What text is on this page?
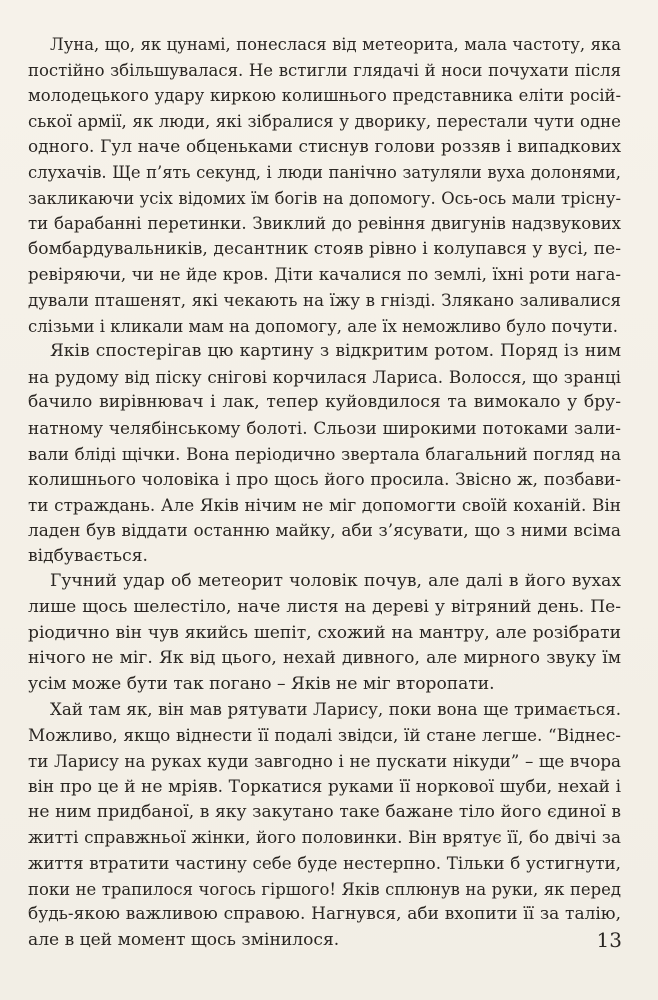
Луна, що, як цунамі, понеслася від метеорита, мала частоту, яка
постійно збільшувалася. Не встигли глядачі й носи почухати після
молодецького удару киркою колишнього представника еліти росій-
ської армії, як люди, які зібралися у дворику, перестали чути одне
одного. Гул наче обценьками стиснув голови роззяв і випадкових
слухачів. Ще п’ять секунд, і люди панічно затуляли вуха долонями,
закликаючи усіх відомих їм богів на допомогу. Ось-ось мали трісну-
ти барабанні перетинки. Звиклий до ревіння двигунів надзвукових
бомбардувальників, десантник стояв рівно і колупався у вусі, пе-
ревіряючи, чи не йде кров. Діти качалися по землі, їхні роти нага-
дували пташенят, які чекають на їжу в гнізді. Злякано заливалися
слізьми і кликали мам на допомогу, але їх неможливо було почути.
Яків спостерігав цю картину з відкритим ротом. Поряд із ним
на рудому від піску снігові корчилася Лариса. Волосся, що зранці
бачило вирівнювач і лак, тепер куйовдилося та вимокало у бру-
натному челябінському болоті. Сльози широкими потоками зали-
вали бліді щічки. Вона періодично звертала благальний погляд на
колишнього чоловіка і про щось його просила. Звісно ж, позбави-
ти страждань. Але Яків нічим не міг допомогти своїй коханій. Він
ладен був віддати останню майку, аби з’ясувати, що з ними всіма
відбувається.
Гучний удар об метеорит чоловік почув, але далі в його вухах
лише щось шелестіло, наче листя на дереві у вітряний день. Пе-
ріодично він чув якийсь шепіт, схожий на мантру, але розібрати
нічого не міг. Як від цього, нехай дивного, але мирного звуку їм
усім може бути так погано – Яків не міг второпати.
Хай там як, він мав рятувати Ларису, поки вона ще тримається.
Можливо, якщо віднести її подалі звідси, їй стане легше. “Віднес-
ти Ларису на руках куди завгодно і не пускати нікуди” – ще вчора
він про це й не мріяв. Торкатися руками її норкової шуби, нехай і
не ним придбаної, в яку закутано таке бажане тіло його єдиної в
житті справжньої жінки, його половинки. Він врятує її, бо двічі за
життя втратити частину себе буде нестерпно. Тільки б устигнути,
поки не трапилося чогось гіршого! Яків сплюнув на руки, як перед
будь-якою важливою справою. Нагнувся, аби вхопити її за талію,
але в цей момент щось змінилося.	13
